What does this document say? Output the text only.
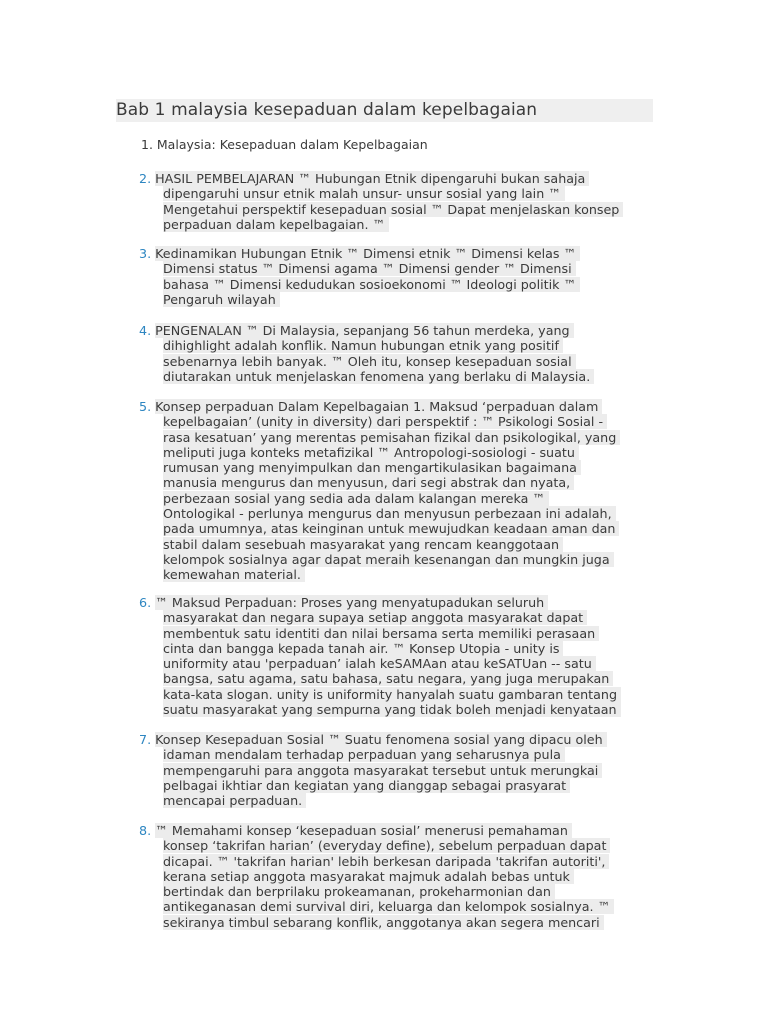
Bab 1 malaysia kesepaduan dalam kepelbagaian
1. Malaysia: Kesepaduan dalam Kepelbagaian
2. HASIL PEMBELAJARAN ™ Hubungan Etnik dipengaruhi bukan sahaja
dipengaruhi unsur etnik malah unsur- unsur sosial yang lain ™
Mengetahui perspektif kesepaduan sosial ™ Dapat menjelaskan konsep
perpaduan dalam kepelbagaian. ™
3. Kedinamikan Hubungan Etnik ™ Dimensi etnik ™ Dimensi kelas ™
Dimensi status ™ Dimensi agama ™ Dimensi gender ™ Dimensi
bahasa ™ Dimensi kedudukan sosioekonomi ™ Ideologi politik ™
Pengaruh wilayah
4. PENGENALAN ™ Di Malaysia, sepanjang 56 tahun merdeka, yang
dihighlight adalah konflik. Namun hubungan etnik yang positif
sebenarnya lebih banyak. ™ Oleh itu, konsep kesepaduan sosial
diutarakan untuk menjelaskan fenomena yang berlaku di Malaysia.
5. Konsep perpaduan Dalam Kepelbagaian 1. Maksud ‘perpaduan dalam
kepelbagaian’ (unity in diversity) dari perspektif : ™ Psikologi Sosial -
rasa kesatuan’ yang merentas pemisahan fizikal dan psikologikal, yang
meliputi juga konteks metafizikal ™ Antropologi-sosiologi - suatu
rumusan yang menyimpulkan dan mengartikulasikan bagaimana
manusia mengurus dan menyusun, dari segi abstrak dan nyata,
perbezaan sosial yang sedia ada dalam kalangan mereka ™
Ontologikal - perlunya mengurus dan menyusun perbezaan ini adalah,
pada umumnya, atas keinginan untuk mewujudkan keadaan aman dan
stabil dalam sesebuah masyarakat yang rencam keanggotaan
kelompok sosialnya agar dapat meraih kesenangan dan mungkin juga
kemewahan material.
6. ™ Maksud Perpaduan: Proses yang menyatupadukan seluruh
masyarakat dan negara supaya setiap anggota masyarakat dapat
membentuk satu identiti dan nilai bersama serta memiliki perasaan
cinta dan bangga kepada tanah air. ™ Konsep Utopia - unity is
uniformity atau 'perpaduan’ ialah keSAMAan atau keSATUan -- satu
bangsa, satu agama, satu bahasa, satu negara, yang juga merupakan
kata-kata slogan. unity is uniformity hanyalah suatu gambaran tentang
suatu masyarakat yang sempurna yang tidak boleh menjadi kenyataan
7. Konsep Kesepaduan Sosial ™ Suatu fenomena sosial yang dipacu oleh
idaman mendalam terhadap perpaduan yang seharusnya pula
mempengaruhi para anggota masyarakat tersebut untuk merungkai
pelbagai ikhtiar dan kegiatan yang dianggap sebagai prasyarat
mencapai perpaduan.
8. ™ Memahami konsep ‘kesepaduan sosial’ menerusi pemahaman
konsep ‘takrifan harian’ (everyday define), sebelum perpaduan dapat
dicapai. ™ 'takrifan harian' lebih berkesan daripada 'takrifan autoriti',
kerana setiap anggota masyarakat majmuk adalah bebas untuk
bertindak dan berprilaku prokeamanan, prokeharmonian dan
antikeganasan demi survival diri, keluarga dan kelompok sosialnya. ™
sekiranya timbul sebarang konflik, anggotanya akan segera mencari
